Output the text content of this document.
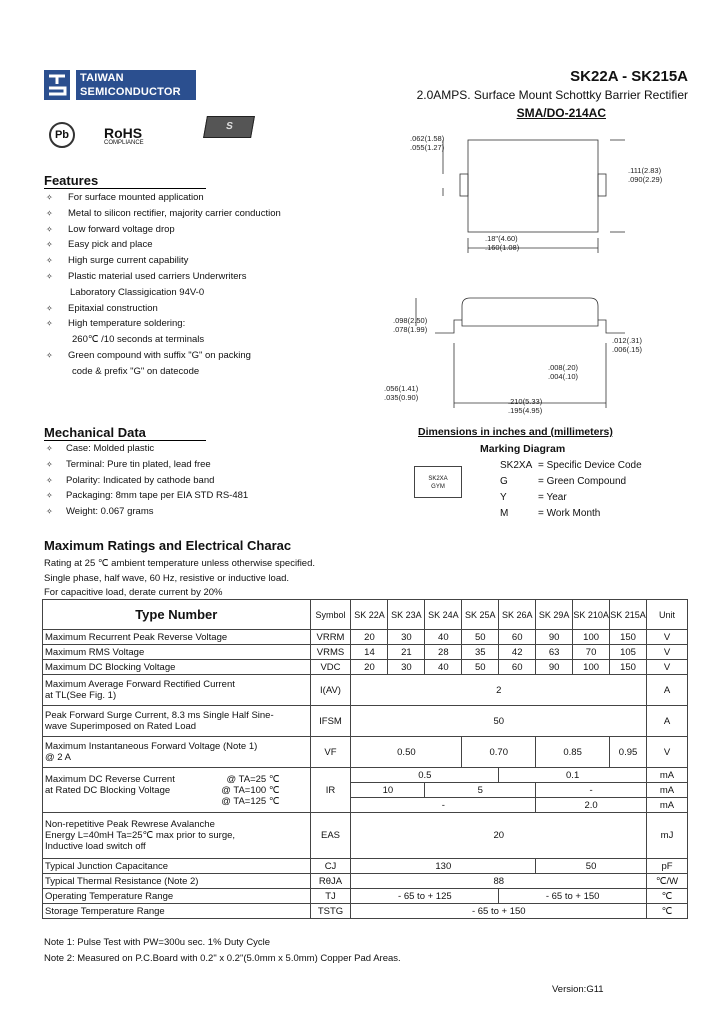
TAIWAN
SEMICONDUCTOR
SK22A - SK215A
2.0AMPS. Surface Mount Schottky Barrier Rectifier
SMA/DO-214AC
Pb	RoHS
COMPLIANCE
S
Features
✧ For surface mounted application
✧ Metal to silicon rectifier, majority carrier conduction
✧ Low forward voltage drop
✧ Easy pick and place
✧ High surge current capability
✧ Plastic material used carriers Underwriters
Laboratory Classigication 94V-0
✧ Epitaxial construction
✧ High temperature soldering:
260℃ /10 seconds at terminals
✧ Green compound with suffix "G" on packing
code & prefix "G" on datecode
.062(1.58)
.055(1.27)
.111(2.83)
.090(2.29)
.18"(4.60)
.160(1.08)
.098(2.50)
.078(1.99)
.012(.31)
.006(.15)
.008(.20)
.004(.10)
.056(1.41)
.035(0.90)	.210(5.33)
.195(4.95)
Mechanical Data
✧ Case: Molded plastic
✧ Terminal: Pure tin plated, lead free
✧ Polarity: Indicated by cathode band
✧ Packaging: 8mm tape per EIA STD RS-481
✧ Weight: 0.067 grams
Dimensions in inches and (millimeters)
Marking Diagram
SK2XA
GYM
SK2XA = Specific Device Code
G	= Green Compound
Y	= Year
M	= Work Month
Maximum Ratings and Electrical Charac
Rating at 25 ℃ ambient temperature unless otherwise specified.
Single phase, half wave, 60 Hz, resistive or inductive load.
For capacitive load, derate current by 20%
Type Number	Symbol	SK 22A	SK 23A	SK 24A	SK 25A	SK 26A	SK 29A	SK 210A	SK 215A	Unit
Maximum Recurrent Peak Reverse Voltage	VRRM	20	30	40	50	60	90	100	150	V
Maximum RMS Voltage	VRMS	14	21	28	35	42	63	70	105	V
Maximum DC Blocking Voltage	VDC	20	30	40	50	60	90	100	150	V

Maximum Average Forward Rectified Current
at TL(See Fig. 1)	I(AV)	2								A

Peak Forward Surge Current, 8.3 ms Single Half Sine-
wave Superimposed on Rated Load	IFSM	50								A

Maximum Instantaneous Forward Voltage (Note 1)
@ 2 A	VF	0.50			0.70		0.85		0.95	V

Maximum DC Reverse Current @ TA=25 ℃
at Rated DC Blocking Voltage @ TA=100 ℃
@ TA=125 ℃	IR	0.5				0.1				mA
		10		5			-			mA
		-					2.0			mA

Non-repetitive Peak Rewrese Avalanche
Energy L=40mH Ta=25℃ max prior to surge,
Inductive load switch off	EAS	20								mJ
Typical Junction Capacitance	CJ	130					50			pF
Typical Thermal Resistance (Note 2)	RθJA	88								℃/W
Operating Temperature Range	TJ	- 65 to + 125				- 65 to + 150				℃
Storage Temperature Range	TSTG	- 65 to + 150								℃
Note 1: Pulse Test with PW=300u sec. 1% Duty Cycle
Note 2: Measured on P.C.Board with 0.2" x 0.2"(5.0mm x 5.0mm) Copper Pad Areas.
Version:G11
